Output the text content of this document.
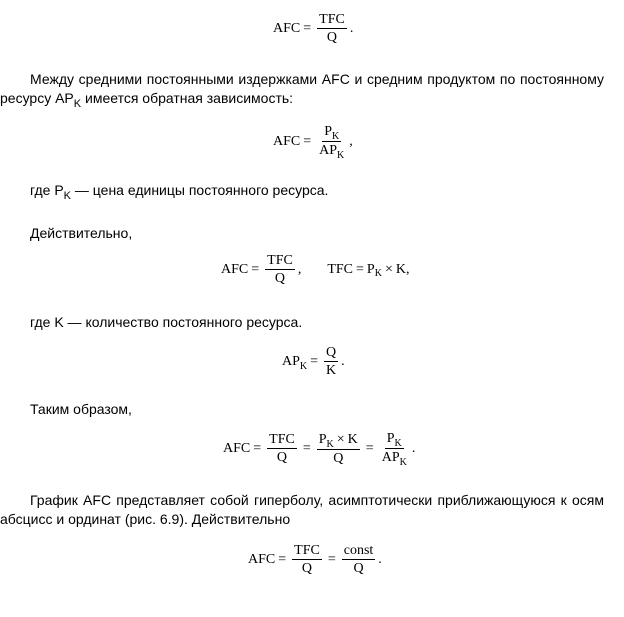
AFC = $\frac{\text{TFC}}{Q}$ .

Между средними постоянными издержками AFC и средним продуктом по постоянному ресурсу $AP_K$ имеется обратная зависимость:

AFC = $\frac{P_K}{AP_K}$ ,

где $P_K$ — цена единицы постоянного ресурса.

Действительно,

AFC = $\frac{\text{TFC}}{Q}$ , TFC = P K × K ,

где K — количество постоянного ресурса.

$AP_K = \frac{Q}{K}$ .

Таким образом,

AFC = $\frac{\text{TFC}}{Q} = \frac{P_K \times K}{Q} = \frac{P_K}{AP_K}$ .

График AFC представляет собой гиперболу, асимптотически приближающуюся к осям абсцисс и ординат (рис. 6.9). Действительно

AFC = $\frac{\text{TFC}}{Q} = \frac{\text{const}}{Q}$ .
